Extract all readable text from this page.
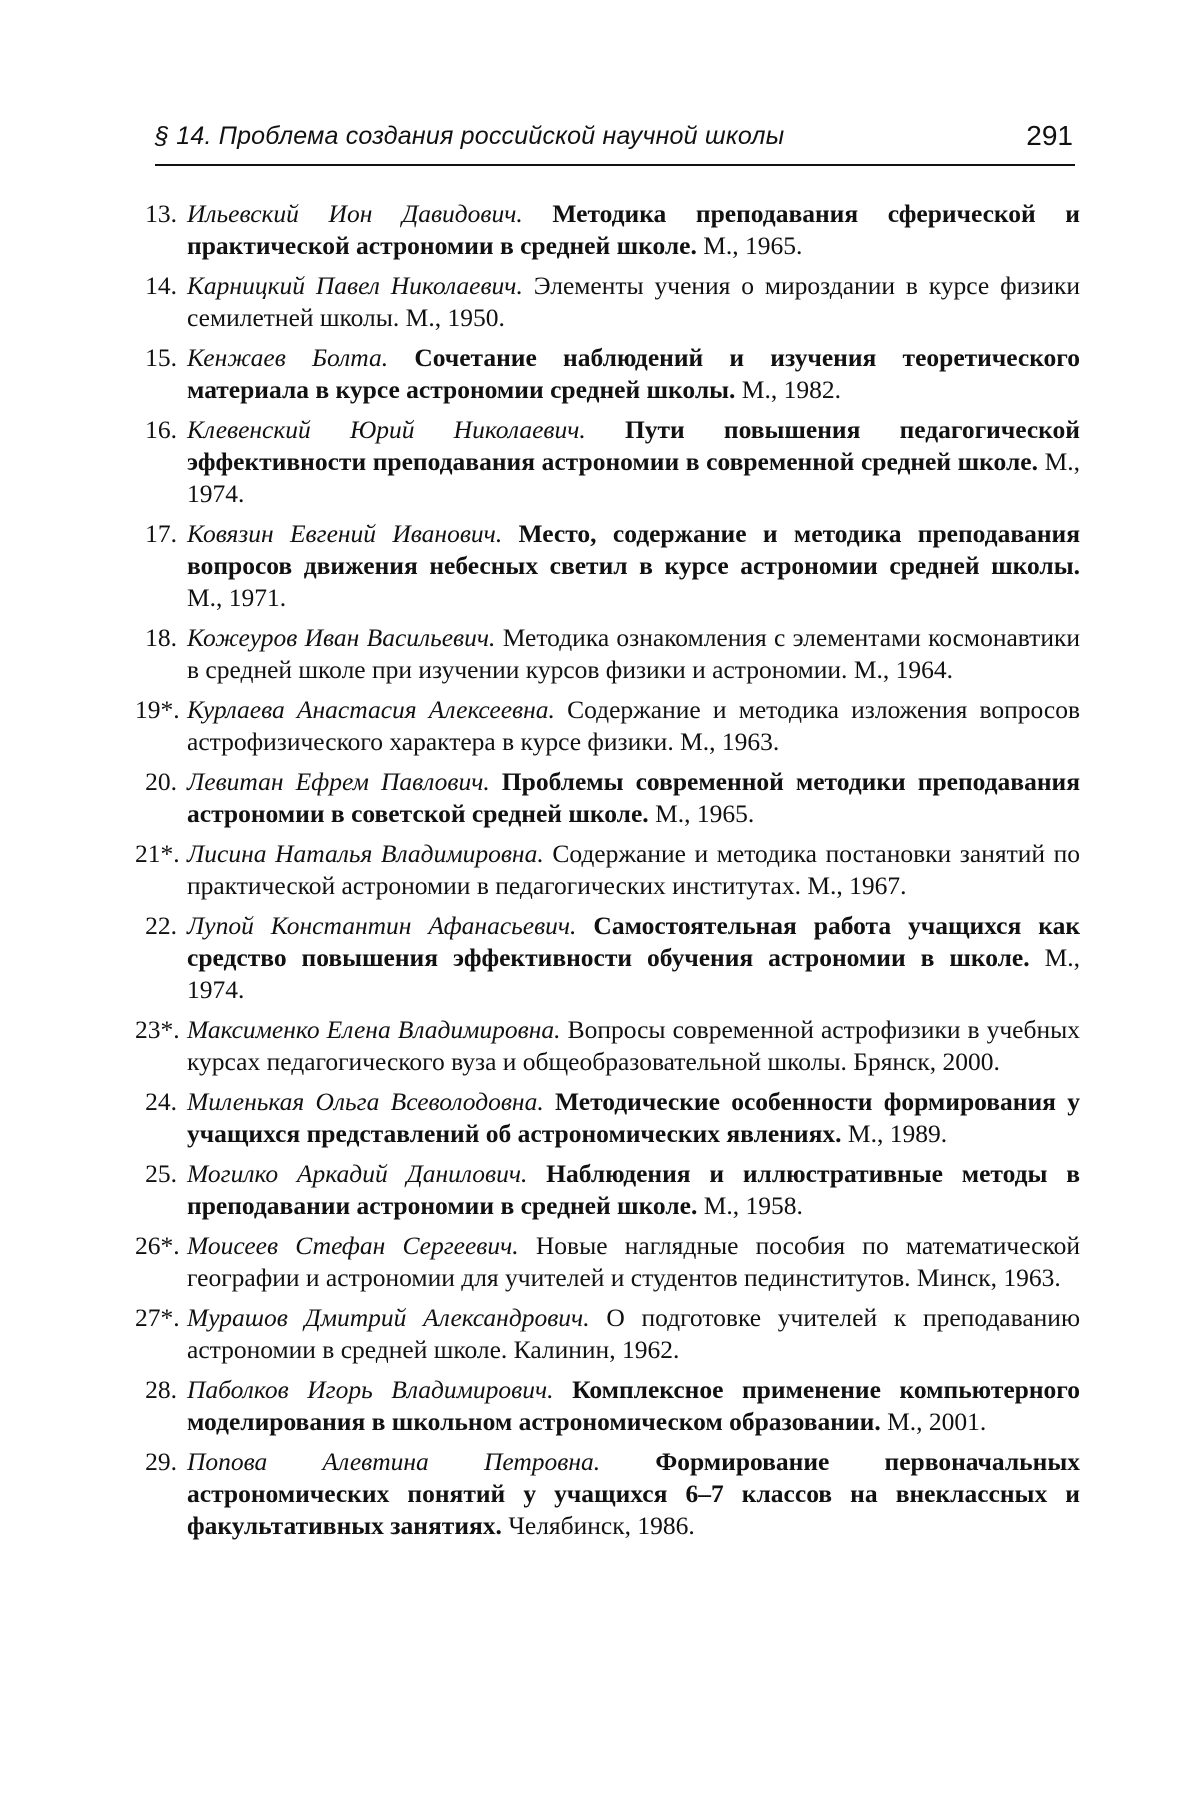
§ 14. Проблема создания российской научной школы	291
13. Ильевский Ион Давидович. Методика преподавания сферической и практической астрономии в средней школе. М., 1965.
14. Карницкий Павел Николаевич. Элементы учения о мироздании в курсе физики семилетней школы. М., 1950.
15. Кенжаев Болта. Сочетание наблюдений и изучения теоретического материала в курсе астрономии средней школы. М., 1982.
16. Клевенский Юрий Николаевич. Пути повышения педагогической эффективности преподавания астрономии в современной средней школе. М., 1974.
17. Ковязин Евгений Иванович. Место, содержание и методика преподавания вопросов движения небесных светил в курсе астрономии средней школы. М., 1971.
18. Кожеуров Иван Васильевич. Методика ознакомления с элементами космонавтики в средней школе при изучении курсов физики и астрономии. М., 1964.
19*. Курлаева Анастасия Алексеевна. Содержание и методика изложения вопросов астрофизического характера в курсе физики. М., 1963.
20. Левитан Ефрем Павлович. Проблемы современной методики преподавания астрономии в советской средней школе. М., 1965.
21*. Лисина Наталья Владимировна. Содержание и методика постановки занятий по практической астрономии в педагогических институтах. М., 1967.
22. Лупой Константин Афанасьевич. Самостоятельная работа учащихся как средство повышения эффективности обучения астрономии в школе. М., 1974.
23*. Максименко Елена Владимировна. Вопросы современной астрофизики в учебных курсах педагогического вуза и общеобразовательной школы. Брянск, 2000.
24. Миленькая Ольга Всеволодовна. Методические особенности формирования у учащихся представлений об астрономических явлениях. М., 1989.
25. Могилко Аркадий Данилович. Наблюдения и иллюстративные методы в преподавании астрономии в средней школе. М., 1958.
26*. Моисеев Стефан Сергеевич. Новые наглядные пособия по математической географии и астрономии для учителей и студентов пединститутов. Минск, 1963.
27*. Мурашов Дмитрий Александрович. О подготовке учителей к преподаванию астрономии в средней школе. Калинин, 1962.
28. Паболков Игорь Владимирович. Комплексное применение компьютерного моделирования в школьном астрономическом образовании. М., 2001.
29. Попова Алевтина Петровна. Формирование первоначальных астрономических понятий у учащихся 6–7 классов на внеклассных и факультативных занятиях. Челябинск, 1986.
